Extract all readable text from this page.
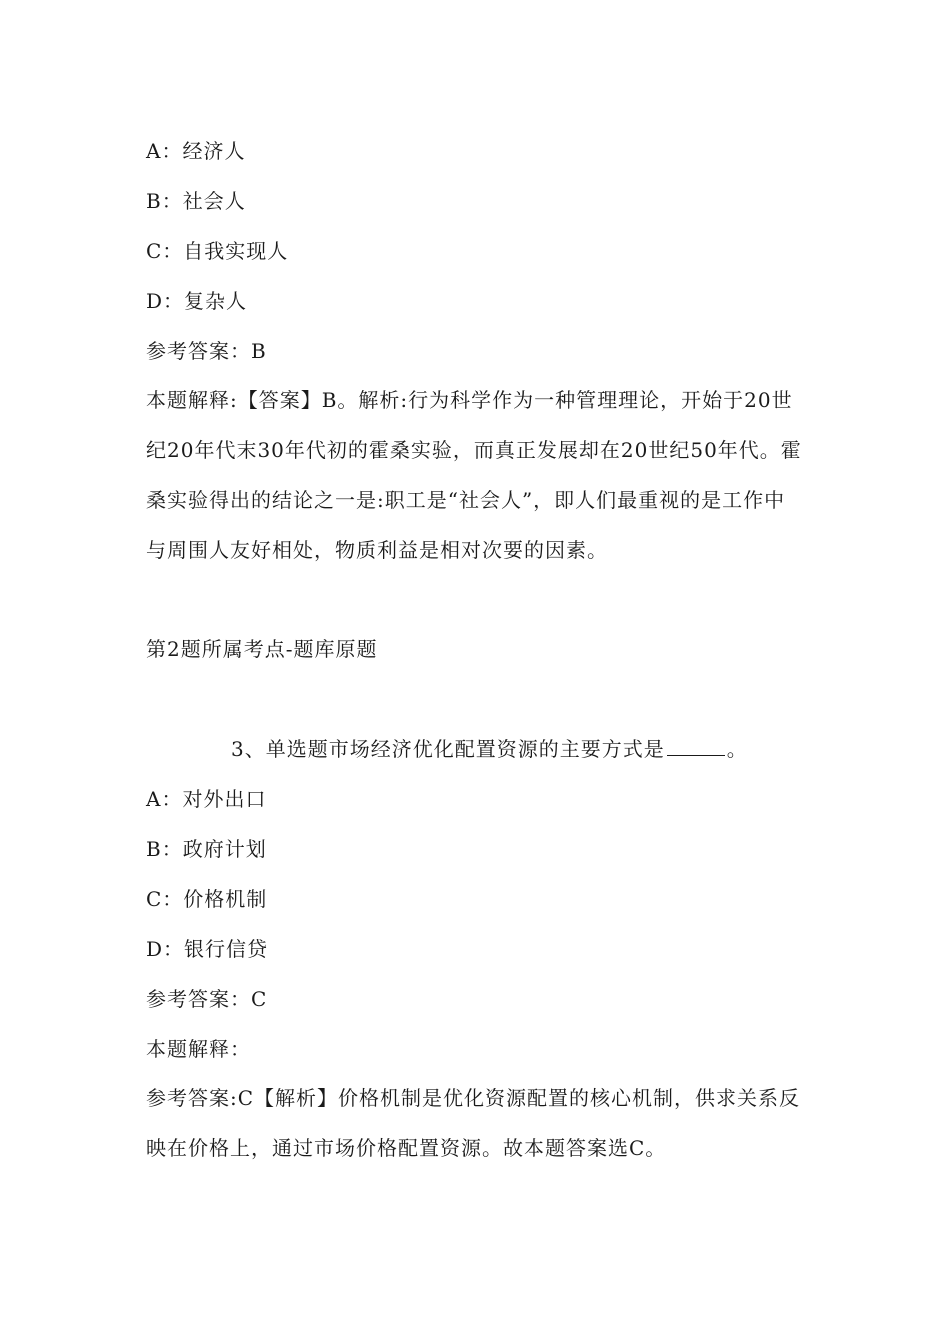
A：经济人
B：社会人
C：自我实现人
D：复杂人
参考答案：B
本题解释:【答案】B。解析:行为科学作为一种管理理论，开始于20世纪20年代末30年代初的霍桑实验，而真正发展却在20世纪50年代。霍桑实验得出的结论之一是:职工是“社会人”，即人们最重视的是工作中与周围人友好相处，物质利益是相对次要的因素。
第2题所属考点-题库原题
3、单选题市场经济优化配置资源的主要方式是	。
A：对外出口
B：政府计划
C：价格机制
D：银行信贷
参考答案：C
本题解释：
参考答案:C【解析】价格机制是优化资源配置的核心机制，供求关系反映在价格上，通过市场价格配置资源。故本题答案选C。
